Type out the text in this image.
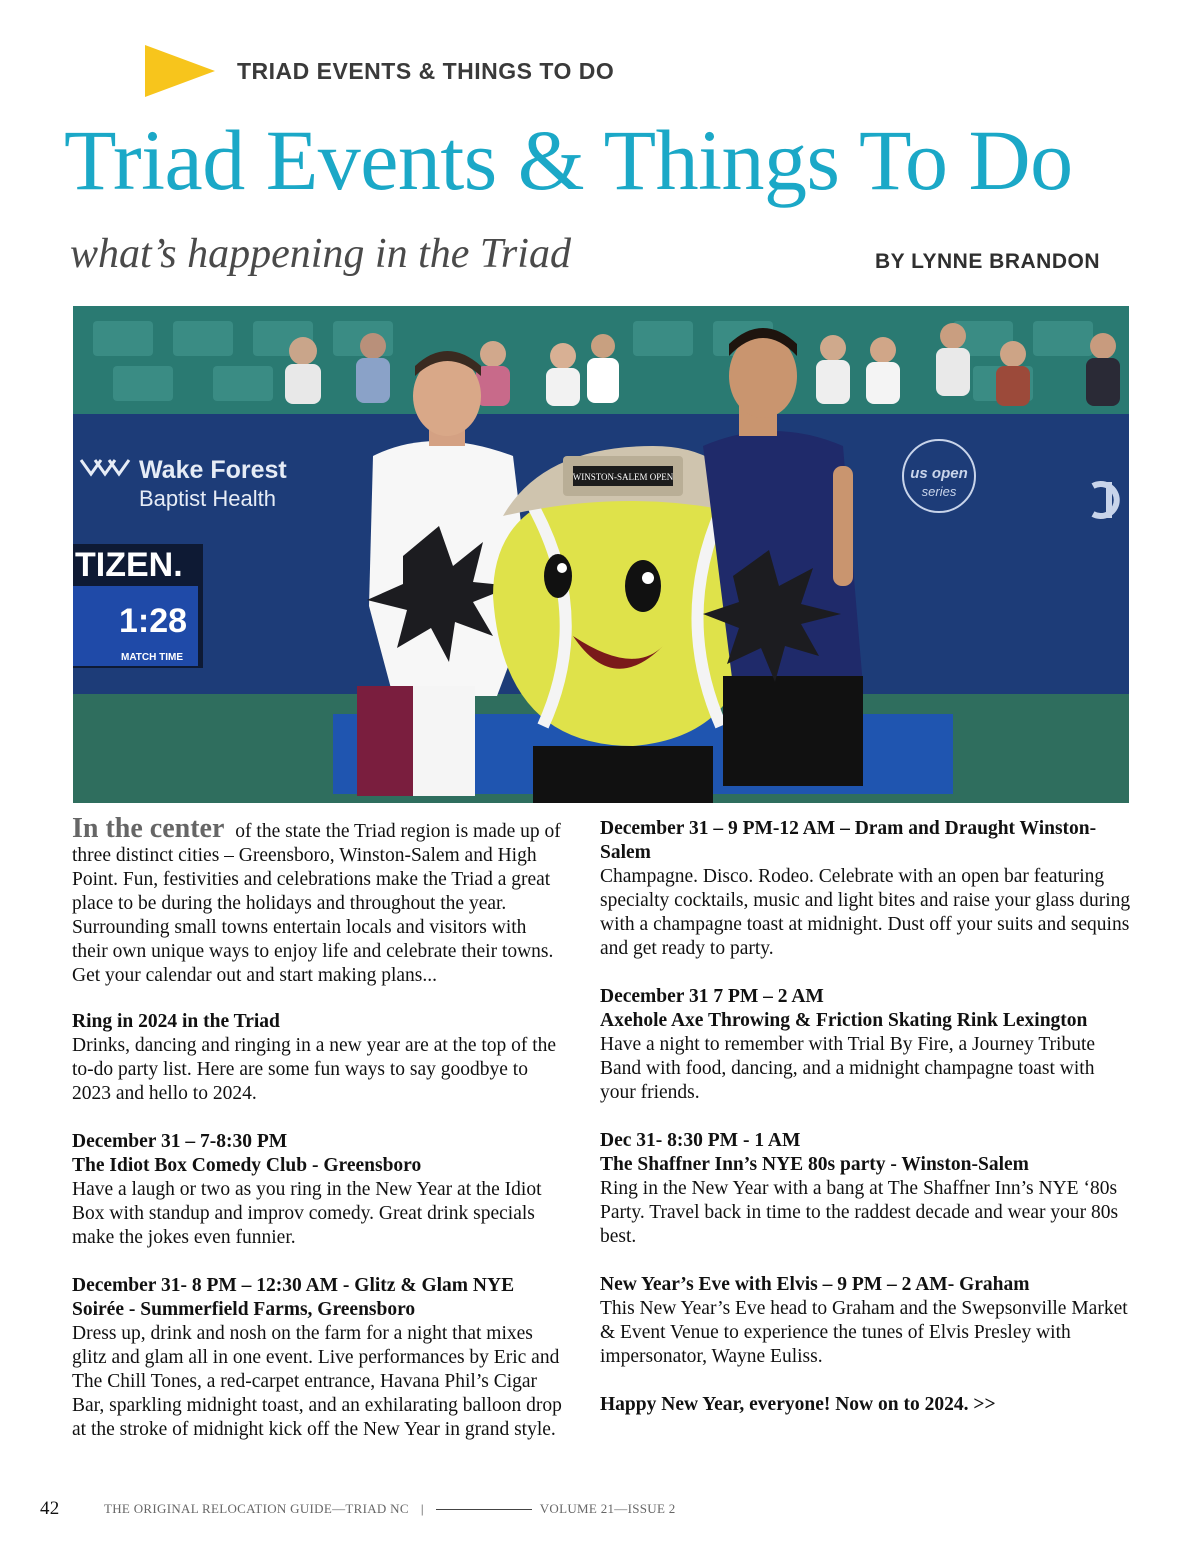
TRIAD EVENTS & THINGS TO DO
Triad Events & Things To Do
what’s happening in the Triad	BY LYNNE BRANDON
Wake Forest
Baptist Health
TIZEN.
1:28
MATCH TIME
us open
series
WINSTON-SALEM OPEN

In the center of the state the Triad region is made up of three distinct cities – Greensboro, Winston-Salem and High Point. Fun, festivities and celebrations make the Triad a great place to be during the holidays and throughout the year. Surrounding small towns entertain locals and visitors with their own unique ways to enjoy life and celebrate their towns. Get your calendar out and start making plans...

Ring in 2024 in the Triad
Drinks, dancing and ringing in a new year are at the top of the to-do party list. Here are some fun ways to say goodbye to 2023 and hello to 2024.
December 31 – 7-8:30 PM
The Idiot Box Comedy Club - Greensboro
Have a laugh or two as you ring in the New Year at the Idiot Box with standup and improv comedy. Great drink specials make the jokes even funnier.
December 31- 8 PM – 12:30 AM - Glitz & Glam NYE Soirée - Summerfield Farms, Greensboro
Dress up, drink and nosh on the farm for a night that mixes glitz and glam all in one event. Live performances by Eric and The Chill Tones, a red-carpet entrance, Havana Phil’s Cigar Bar, sparkling midnight toast, and an exhilarating balloon drop at the stroke of midnight kick off the New Year in grand style.
December 31 – 9 PM-12 AM – Dram and Draught Winston-Salem
Champagne. Disco. Rodeo. Celebrate with an open bar featuring specialty cocktails, music and light bites and raise your glass during with a champagne toast at midnight. Dust off your suits and sequins and get ready to party.
December 31 7 PM – 2 AM
Axehole Axe Throwing & Friction Skating Rink Lexington
Have a night to remember with Trial By Fire, a Journey Tribute Band with food, dancing, and a midnight champagne toast with your friends.
Dec 31- 8:30 PM - 1 AM
The Shaffner Inn’s NYE 80s party - Winston-Salem
Ring in the New Year with a bang at The Shaffner Inn’s NYE ‘80s Party. Travel back in time to the raddest decade and wear your 80s best.
New Year’s Eve with Elvis – 9 PM – 2 AM- Graham
This New Year’s Eve head to Graham and the Swepsonville Market & Event Venue to experience the tunes of Elvis Presley with impersonator, Wayne Euliss.
Happy New Year, everyone! Now on to 2024. >>
42	THE ORIGINAL RELOCATION GUIDE—TRIAD NC |	VOLUME 21—ISSUE 2
